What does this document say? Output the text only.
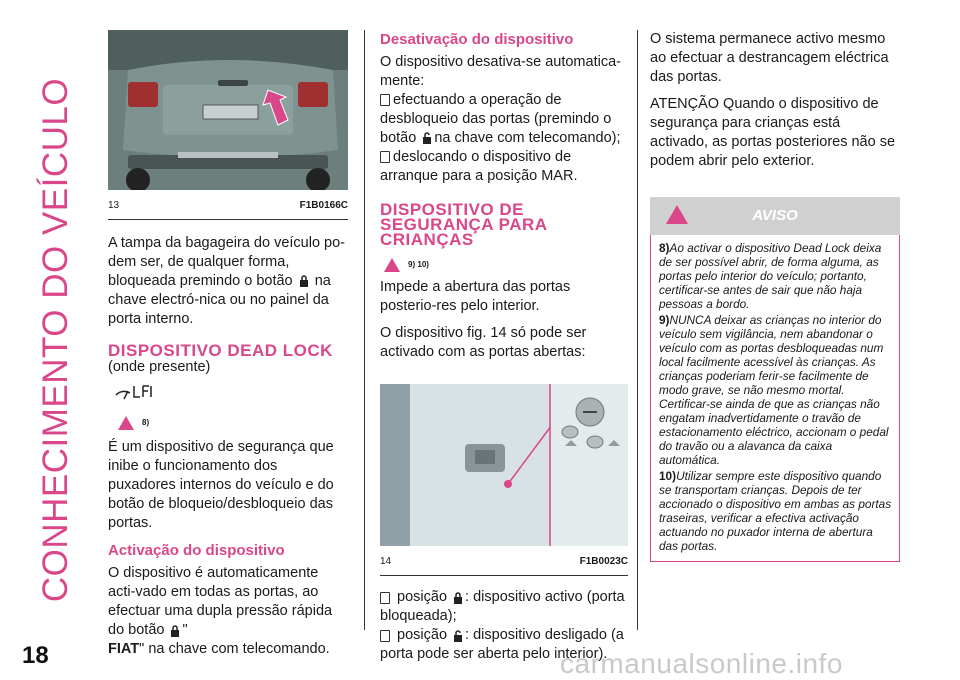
CONHECIMENTO DO VEÍCULO
18	carmanualsonline.info
13	F1B0166C

A tampa da bagageira do veículo po-dem ser, de qualquer forma, bloqueada premindo o botão na chave electró-nica ou no painel da porta interno.

DISPOSITIVO DEAD LOCK
(onde presente)
8)

É um dispositivo de segurança que inibe o funcionamento dos puxadores internos do veículo e do botão de bloqueio/desbloqueio das portas.

Activação do dispositivo

O dispositivo é automaticamente acti-vado em todas as portas, ao efectuar uma dupla pressão rápida do botão "
FIAT" na chave com telecomando.

Desativação do dispositivo

O dispositivo desativa-se automatica-mente:

efectuando a operação de desbloqueio das portas (premindo o botão na chave com telecomando);

deslocando o dispositivo de arranque para a posição MAR.

DISPOSITIVO DE SEGURANÇA PARA CRIANÇAS
9) 10)

Impede a abertura das portas posterio-res pelo interior.

O dispositivo fig. 14 só pode ser activado com as portas abertas:

14	F1B0023C

posição : dispositivo activo (porta bloqueada);

posição : dispositivo desligado (a porta pode ser aberta pelo interior).

O sistema permanece activo mesmo ao efectuar a destrancagem eléctrica das portas.

ATENÇÃO Quando o dispositivo de segurança para crianças está activado, as portas posteriores não se podem abrir pelo exterior.

AVISO
8)Ao activar o dispositivo Dead Lock deixa de ser possível abrir, de forma alguma, as portas pelo interior do veículo; portanto, certificar-se antes de sair que não haja pessoas a bordo.
9)NUNCA deixar as crianças no interior do veículo sem vigilância, nem abandonar o veículo com as portas desbloqueadas num local facilmente acessível às crianças. As crianças poderiam ferir-se facilmente de modo grave, se não mesmo mortal. Certificar-se ainda de que as crianças não engatam inadvertidamente o travão de estacionamento eléctrico, accionam o pedal do travão ou a alavanca da caixa automática.
10)Utilizar sempre este dispositivo quando se transportam crianças. Depois de ter accionado o dispositivo em ambas as portas traseiras, verificar a efectiva activação actuando no puxador interna de abertura das portas.
